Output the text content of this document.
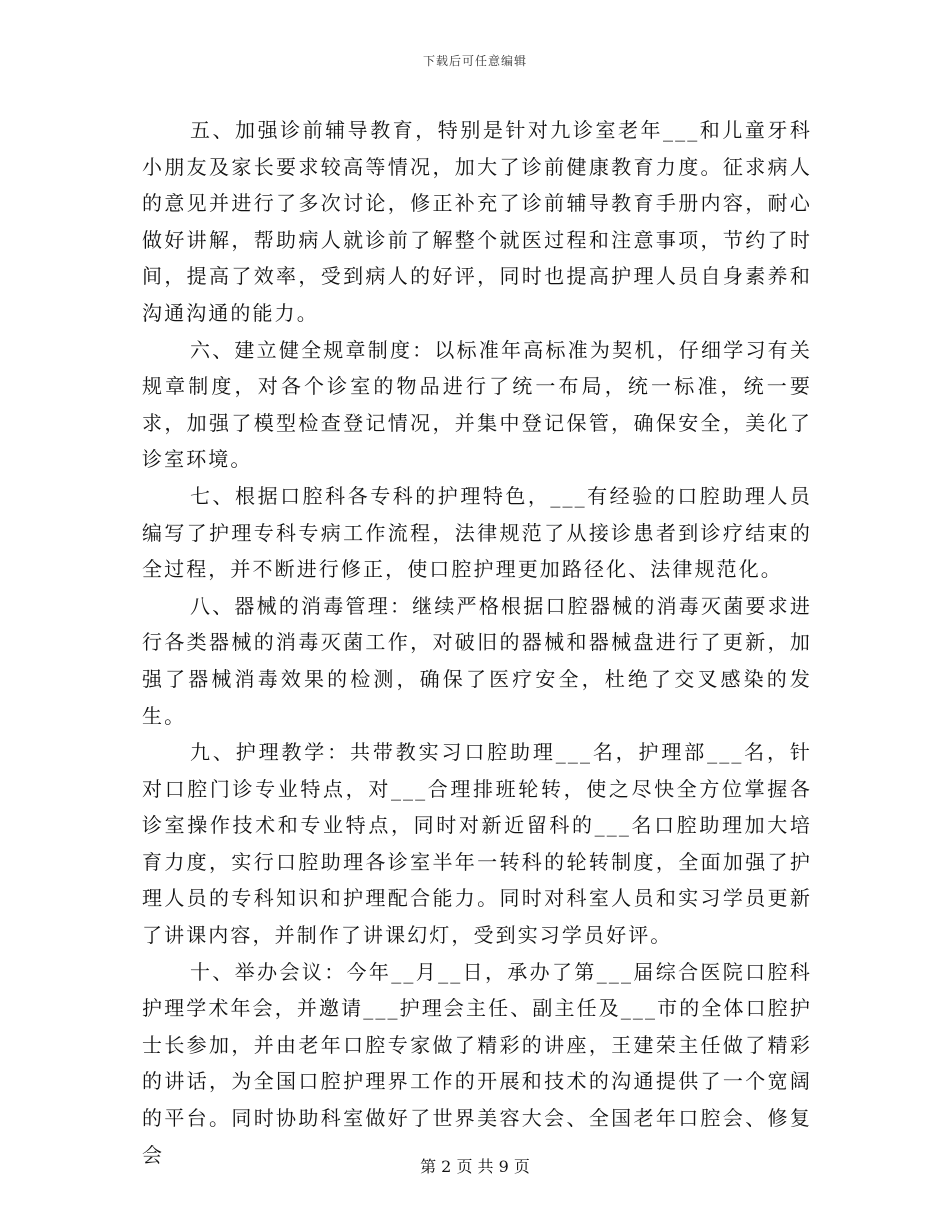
下载后可任意编辑

五、加强诊前辅导教育，特别是针对九诊室老年___和儿童牙科小朋友及家长要求较高等情况，加大了诊前健康教育力度。征求病人的意见并进行了多次讨论，修正补充了诊前辅导教育手册内容，耐心做好讲解，帮助病人就诊前了解整个就医过程和注意事项，节约了时间，提高了效率，受到病人的好评，同时也提高护理人员自身素养和沟通沟通的能力。

六、建立健全规章制度：以标准年高标准为契机，仔细学习有关规章制度，对各个诊室的物品进行了统一布局，统一标准，统一要求，加强了模型检查登记情况，并集中登记保管，确保安全，美化了诊室环境。

七、根据口腔科各专科的护理特色，___有经验的口腔助理人员编写了护理专科专病工作流程，法律规范了从接诊患者到诊疗结束的全过程，并不断进行修正，使口腔护理更加路径化、法律规范化。

八、器械的消毒管理：继续严格根据口腔器械的消毒灭菌要求进行各类器械的消毒灭菌工作，对破旧的器械和器械盘进行了更新，加强了器械消毒效果的检测，确保了医疗安全，杜绝了交叉感染的发生。

九、护理教学：共带教实习口腔助理___名，护理部___名，针对口腔门诊专业特点，对___合理排班轮转，使之尽快全方位掌握各诊室操作技术和专业特点，同时对新近留科的___名口腔助理加大培育力度，实行口腔助理各诊室半年一转科的轮转制度，全面加强了护理人员的专科知识和护理配合能力。同时对科室人员和实习学员更新了讲课内容，并制作了讲课幻灯，受到实习学员好评。

十、举办会议：今年__月__日，承办了第___届综合医院口腔科护理学术年会，并邀请___护理会主任、副主任及___市的全体口腔护士长参加，并由老年口腔专家做了精彩的讲座，王建荣主任做了精彩的讲话，为全国口腔护理界工作的开展和技术的沟通提供了一个宽阔的平台。同时协助科室做好了世界美容大会、全国老年口腔会、修复会	第 2 页 共 9 页
